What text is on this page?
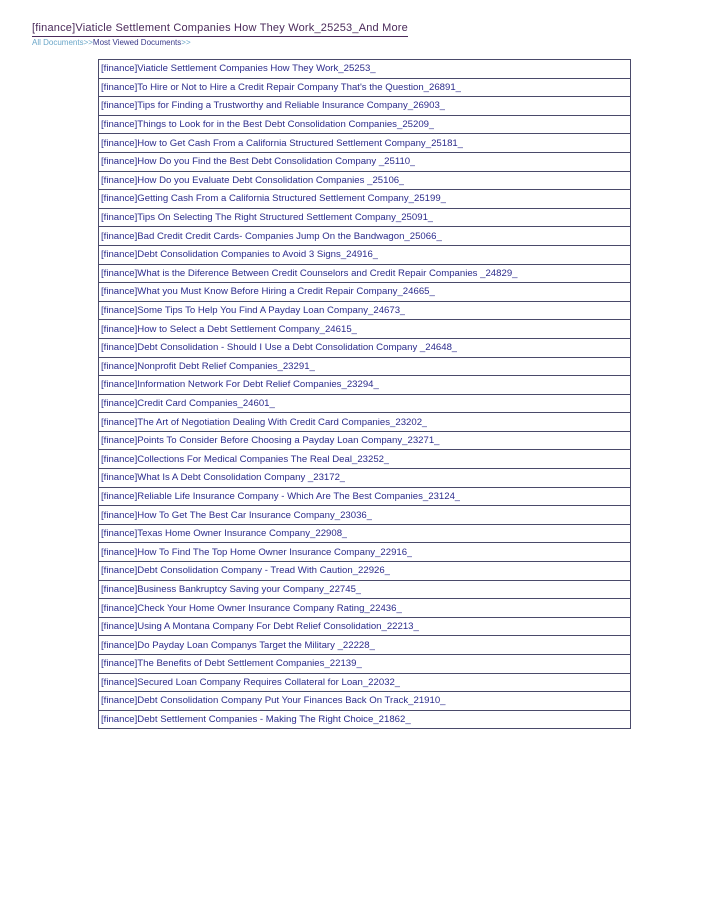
[finance]Viaticle Settlement Companies How They Work_25253_And More
All Documents>>Most Viewed Documents>>
[finance]Viaticle Settlement Companies How They Work_25253_
[finance]To Hire or Not to Hire a Credit Repair Company That's the Question_26891_
[finance]Tips for Finding a Trustworthy and Reliable Insurance Company_26903_
[finance]Things to Look for in the Best Debt Consolidation Companies_25209_
[finance]How to Get Cash From a California Structured Settlement Company_25181_
[finance]How Do you Find the Best Debt Consolidation Company _25110_
[finance]How Do you Evaluate Debt Consolidation Companies _25106_
[finance]Getting Cash From a California Structured Settlement Company_25199_
[finance]Tips On Selecting The Right Structured Settlement Company_25091_
[finance]Bad Credit Credit Cards- Companies Jump On the Bandwagon_25066_
[finance]Debt Consolidation Companies to Avoid 3 Signs_24916_
[finance]What is the Diference Between Credit Counselors and Credit Repair Companies _24829_
[finance]What you Must Know Before Hiring a Credit Repair Company_24665_
[finance]Some Tips To Help You Find A Payday Loan Company_24673_
[finance]How to Select a Debt Settlement Company_24615_
[finance]Debt Consolidation - Should I Use a Debt Consolidation Company _24648_
[finance]Nonprofit Debt Relief Companies_23291_
[finance]Information Network For Debt Relief Companies_23294_
[finance]Credit Card Companies_24601_
[finance]The Art of Negotiation Dealing With Credit Card Companies_23202_
[finance]Points To Consider Before Choosing a Payday Loan Company_23271_
[finance]Collections For Medical Companies The Real Deal_23252_
[finance]What Is A Debt Consolidation Company _23172_
[finance]Reliable Life Insurance Company - Which Are The Best Companies_23124_
[finance]How To Get The Best Car Insurance Company_23036_
[finance]Texas Home Owner Insurance Company_22908_
[finance]How To Find The Top Home Owner Insurance Company_22916_
[finance]Debt Consolidation Company - Tread With Caution_22926_
[finance]Business Bankruptcy Saving your Company_22745_
[finance]Check Your Home Owner Insurance Company Rating_22436_
[finance]Using A Montana Company For Debt Relief Consolidation_22213_
[finance]Do Payday Loan Companys Target the Military _22228_
[finance]The Benefits of Debt Settlement Companies_22139_
[finance]Secured Loan Company Requires Collateral for Loan_22032_
[finance]Debt Consolidation Company Put Your Finances Back On Track_21910_
[finance]Debt Settlement Companies - Making The Right Choice_21862_
